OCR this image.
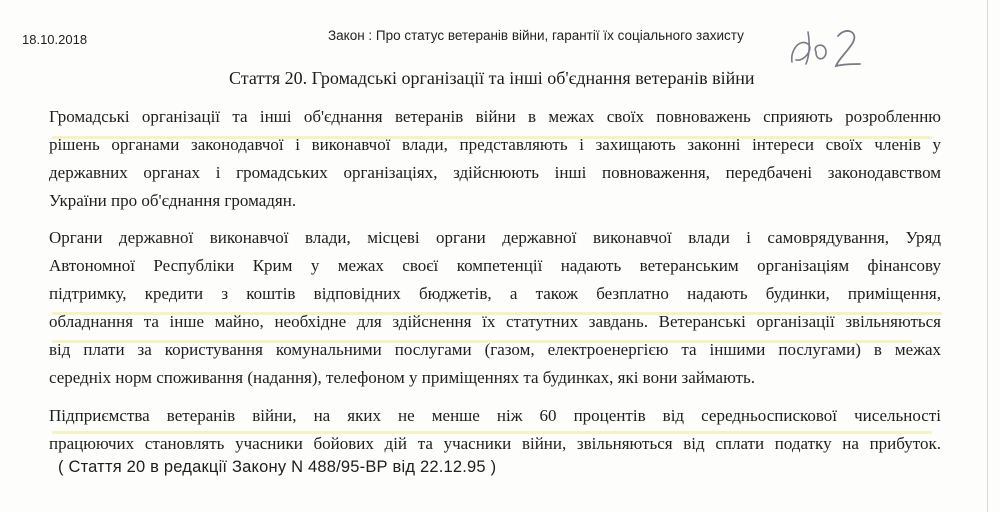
18.10.2018	Закон : Про статус ветеранів війни, гарантії їх соціального захисту
Стаття 20. Громадські організації та інші об'єднання ветеранів війни
Громадські організації та інші об'єднання ветеранів війни в межах своїх повноважень сприяють розробленню
рішень органами законодавчої і виконавчої влади, представляють і захищають законні інтереси своїх членів у
державних органах і громадських організаціях, здійснюють інші повноваження, передбачені законодавством
України про об'єднання громадян.
Органи державної виконавчої влади, місцеві органи державної виконавчої влади і самоврядування, Уряд
Автономної Республіки Крим у межах своєї компетенції надають ветеранським організаціям фінансову
підтримку, кредити з коштів відповідних бюджетів, а також безплатно надають будинки, приміщення,
обладнання та інше майно, необхідне для здійснення їх статутних завдань. Ветеранські організації звільняються
від плати за користування комунальними послугами (газом, електроенергією та іншими послугами) в межах
середніх норм споживання (надання), телефоном у приміщеннях та будинках, які вони займають.
Підприємства ветеранів війни, на яких не менше ніж 60 процентів від середньоспискової чисельності
працюючих становлять учасники бойових дій та учасники війни, звільняються від сплати податку на прибуток.
( Стаття 20 в редакції Закону N 488/95-ВР від 22.12.95 )
